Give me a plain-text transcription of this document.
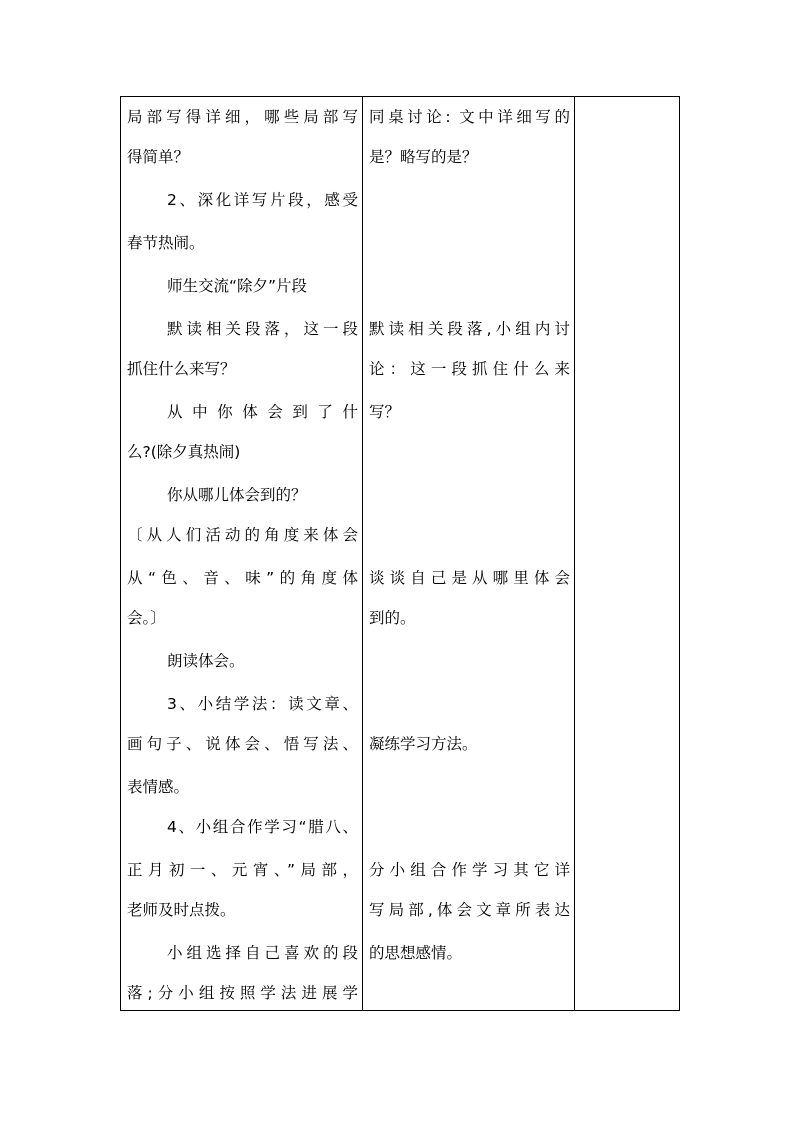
局部写得详细，哪些局部写
得简单？
2、深化详写片段，感受
春节热闹。
师生交流“除夕”片段
默读相关段落，这一段
抓住什么来写？
从中你体会到了什
么?(除夕真热闹)
你从哪儿体会到的？
〔从人们活动的角度来体会
从“色、音、味”的角度体
会。〕
朗读体会。
3、小结学法：读文章、
画句子、说体会、悟写法、
表情感。
4、小组合作学习“腊八、
正月初一、元宵、”局部，
老师及时点拨。
小组选择自己喜欢的段
落;分小组按照学法进展学
同桌讨论: 文中详细写的
是？略写的是？
默读相关段落,小组内讨
论：这一段抓住什么来
写？
谈谈自己是从哪里体会
到的。
凝练学习方法。
分小组合作学习其它详
写局部,体会文章所表达
的思想感情。
